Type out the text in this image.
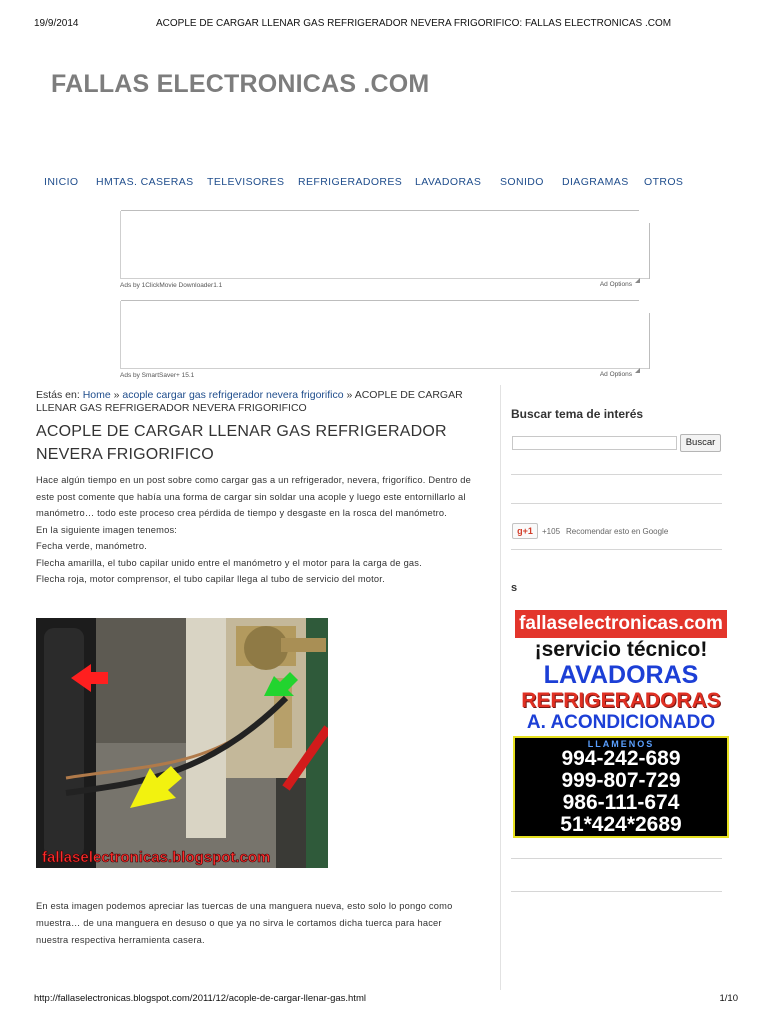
19/9/2014	ACOPLE DE CARGAR LLENAR GAS REFRIGERADOR NEVERA FRIGORIFICO: FALLAS ELECTRONICAS .COM
FALLAS ELECTRONICAS .COM
INICIO HMTAS. CASERAS TELEVISORES REFRIGERADORES LAVADORAS SONIDO DIAGRAMAS OTROS
Ads by 1ClickMovie Downloader1.1	Ad Options
Ads by SmartSaver+ 15.1	Ad Options
Estás en: Home » acople cargar gas refrigerador nevera frigorifico » ACOPLE DE CARGAR LLENAR GAS REFRIGERADOR NEVERA FRIGORIFICO
ACOPLE DE CARGAR LLENAR GAS REFRIGERADOR NEVERA FRIGORIFICO

Hace algún tiempo en un post sobre como cargar gas a un refrigerador, nevera, frigorífico. Dentro de este post comente que había una forma de cargar sin soldar una acople y luego este entornillarlo al manómetro… todo este proceso crea pérdida de tiempo y desgaste en la rosca del manómetro.

En la siguiente imagen tenemos:

Fecha verde, manómetro.

Flecha amarilla, el tubo capilar unido entre el manómetro y el motor para la carga de gas.

Flecha roja, motor comprensor, el tubo capilar llega al tubo de servicio del motor.

fallaselectronicas.blogspot.com

En esta imagen podemos apreciar las tuercas de una manguera nueva, esto solo lo pongo como muestra… de una manguera en desuso o que ya no sirva le cortamos dicha tuerca para hacer nuestra respectiva herramienta casera.

Buscar tema de interés
Buscar
g+1	+105 Recomendar esto en Google
s
fallaselectronicas.com
¡servicio técnico!
LAVADORAS
REFRIGERADORAS
A. ACONDICIONADO
LLAMENOS
994-242-689
999-807-729
986-111-674
51*424*2689
http://fallaselectronicas.blogspot.com/2011/12/acople-de-cargar-llenar-gas.html	1/10
